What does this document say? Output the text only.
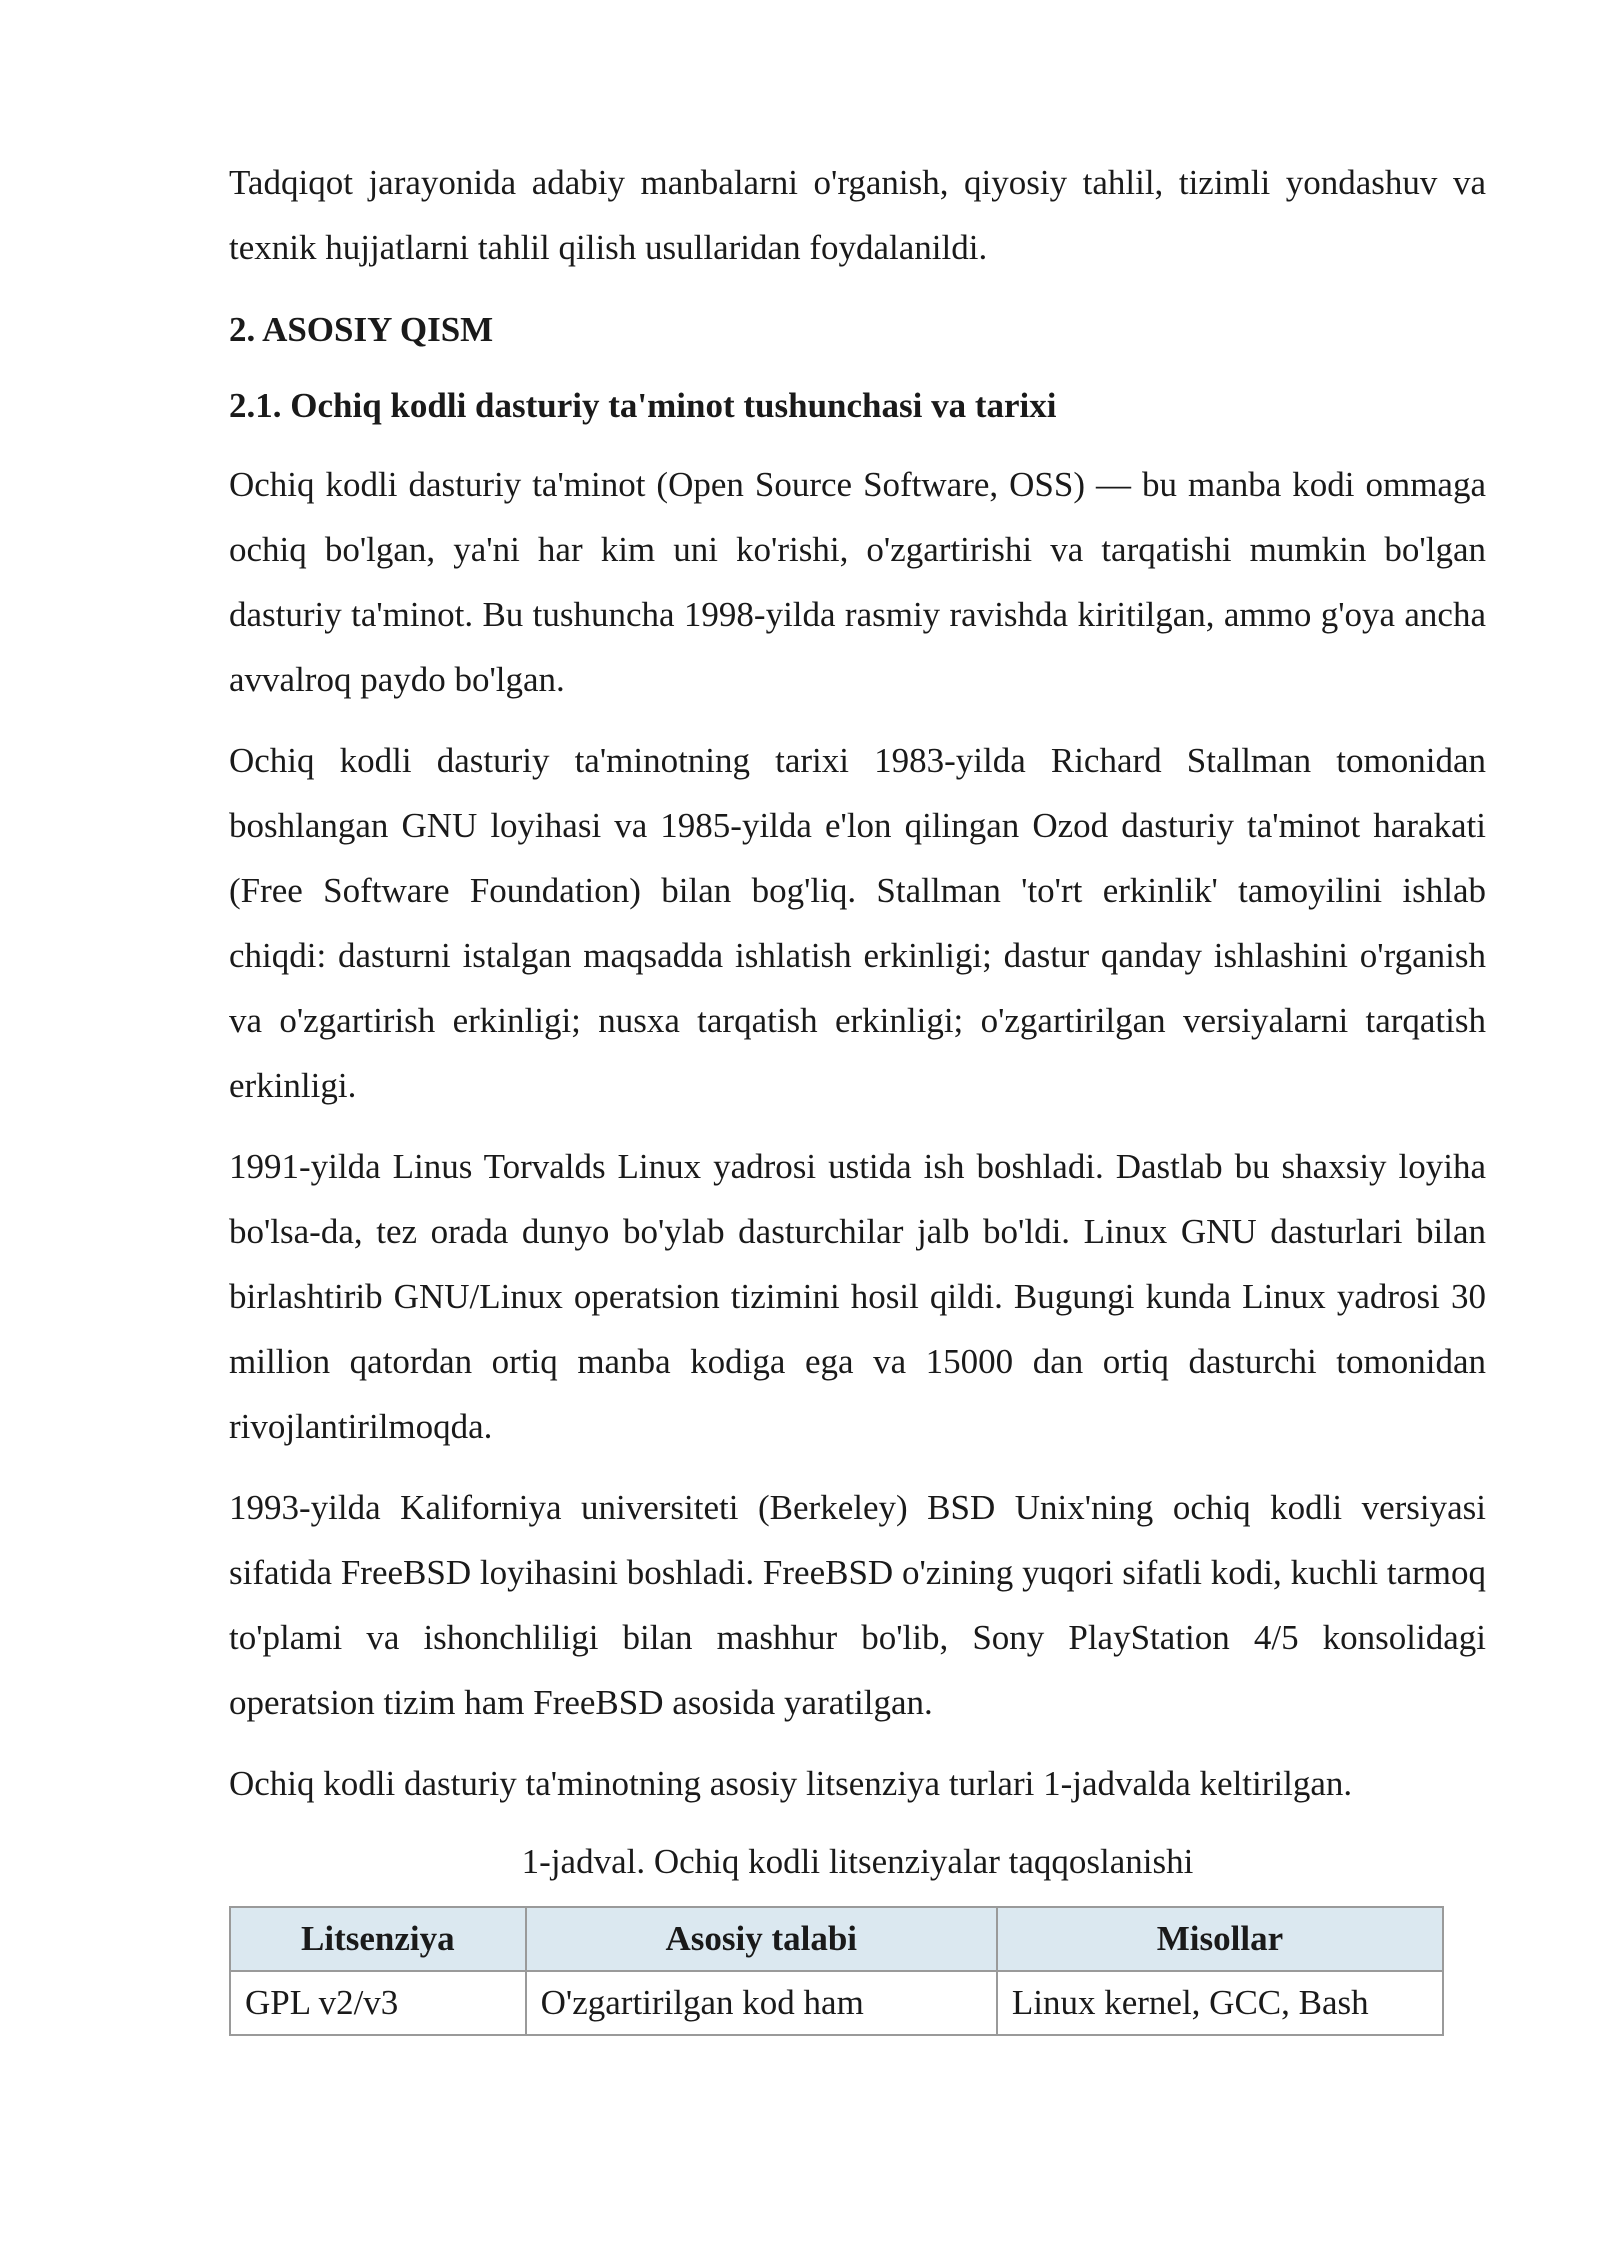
Tadqiqot jarayonida adabiy manbalarni o'rganish, qiyosiy tahlil, tizimli yondashuv va texnik hujjatlarni tahlil qilish usullaridan foydalanildi.

2. ASOSIY QISM
2.1. Ochiq kodli dasturiy ta'minot tushunchasi va tarixi

Ochiq kodli dasturiy ta'minot (Open Source Software, OSS) — bu manba kodi ommaga ochiq bo'lgan, ya'ni har kim uni ko'rishi, o'zgartirishi va tarqatishi mumkin bo'lgan dasturiy ta'minot. Bu tushuncha 1998-yilda rasmiy ravishda kiritilgan, ammo g'oya ancha avvalroq paydo bo'lgan.

Ochiq kodli dasturiy ta'minotning tarixi 1983-yilda Richard Stallman tomonidan boshlangan GNU loyihasi va 1985-yilda e'lon qilingan Ozod dasturiy ta'minot harakati (Free Software Foundation) bilan bog'liq. Stallman 'to'rt erkinlik' tamoyilini ishlab chiqdi: dasturni istalgan maqsadda ishlatish erkinligi; dastur qanday ishlashini o'rganish va o'zgartirish erkinligi; nusxa tarqatish erkinligi; o'zgartirilgan versiyalarni tarqatish erkinligi.

1991-yilda Linus Torvalds Linux yadrosi ustida ish boshladi. Dastlab bu shaxsiy loyiha bo'lsa-da, tez orada dunyo bo'ylab dasturchilar jalb bo'ldi. Linux GNU dasturlari bilan birlashtirib GNU/Linux operatsion tizimini hosil qildi. Bugungi kunda Linux yadrosi 30 million qatordan ortiq manba kodiga ega va 15000 dan ortiq dasturchi tomonidan rivojlantirilmoqda.

1993-yilda Kaliforniya universiteti (Berkeley) BSD Unix'ning ochiq kodli versiyasi sifatida FreeBSD loyihasini boshladi. FreeBSD o'zining yuqori sifatli kodi, kuchli tarmoq to'plami va ishonchliligi bilan mashhur bo'lib, Sony PlayStation 4/5 konsolidagi operatsion tizim ham FreeBSD asosida yaratilgan.

Ochiq kodli dasturiy ta'minotning asosiy litsenziya turlari 1-jadvalda keltirilgan.

1-jadval. Ochiq kodli litsenziyalar taqqoslanishi

Litsenziya	Asosiy talabi	Misollar
GPL v2/v3	O'zgartirilgan kod ham	Linux kernel, GCC, Bash
